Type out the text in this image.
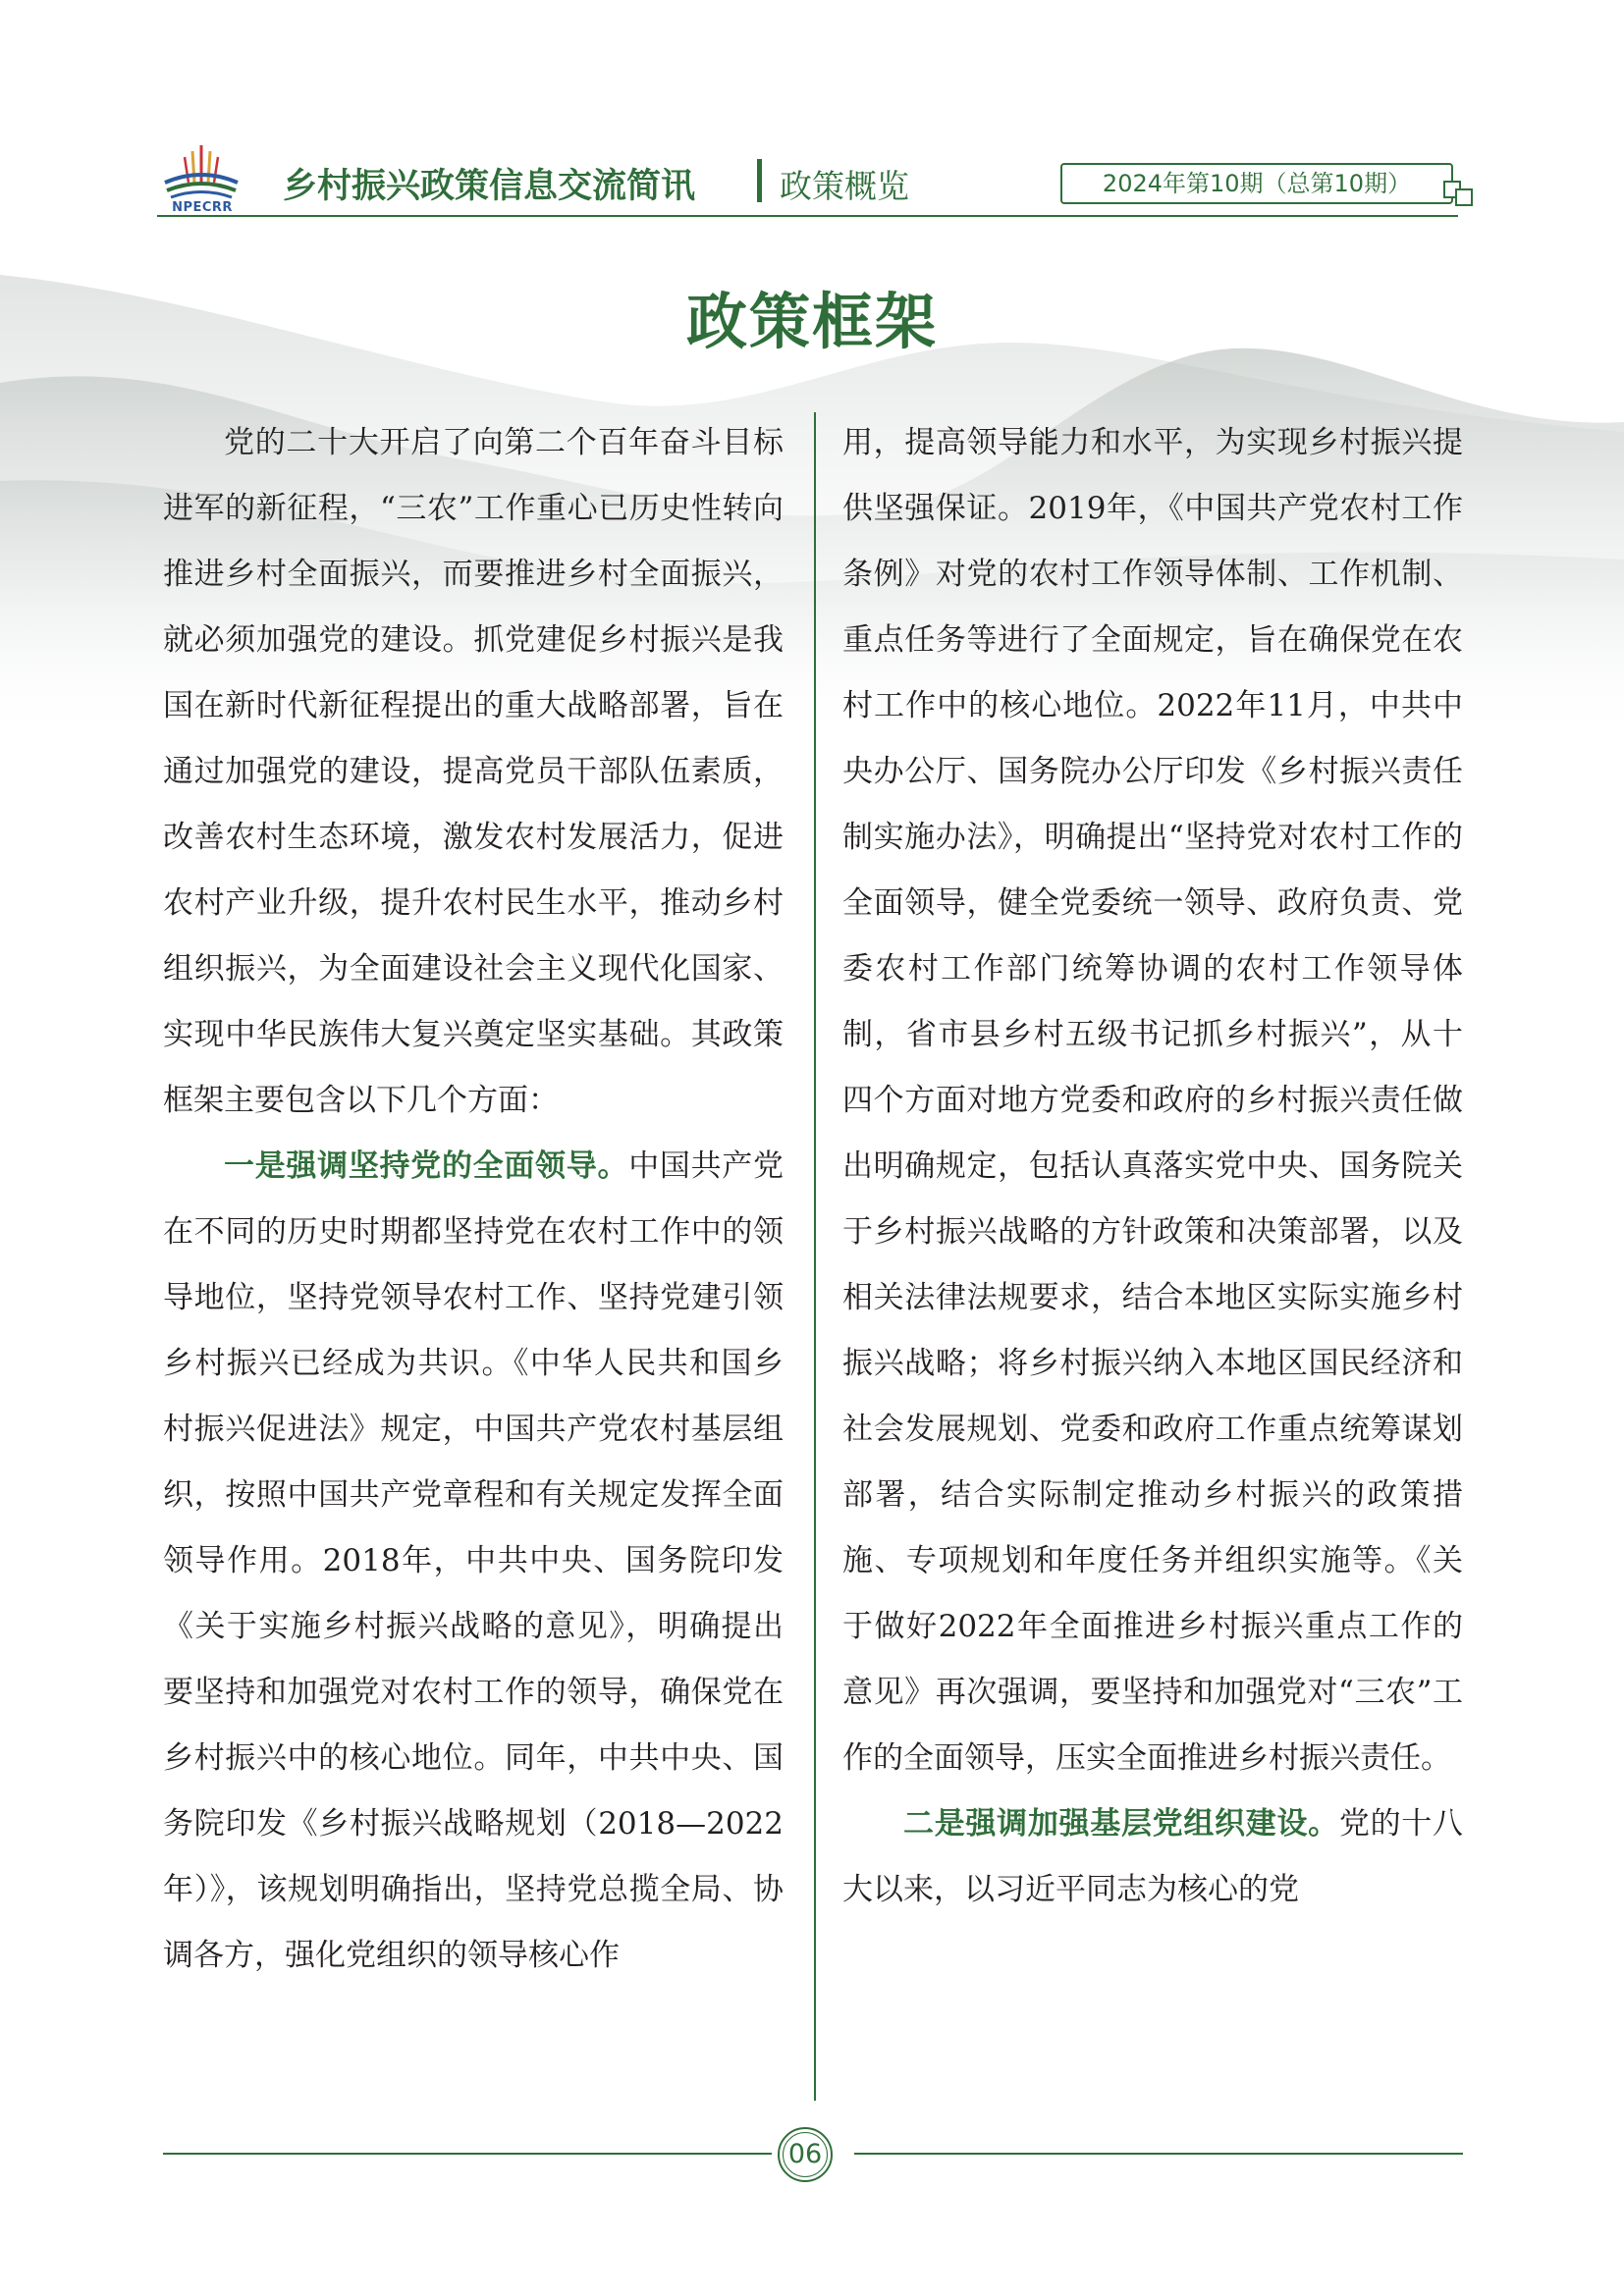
NPECRR
乡村振兴政策信息交流简讯	政策概览	2024年第10期（总第10期）
政策框架

党的二十大开启了向第二个百年奋斗目标进军的新征程，“三农”工作重心已历史性转向推进乡村全面振兴，而要推进乡村全面振兴，就必须加强党的建设。抓党建促乡村振兴是我国在新时代新征程提出的重大战略部署，旨在通过加强党的建设，提高党员干部队伍素质，改善农村生态环境，激发农村发展活力，促进农村产业升级，提升农村民生水平，推动乡村组织振兴，为全面建设社会主义现代化国家、实现中华民族伟大复兴奠定坚实基础。其政策框架主要包含以下几个方面：

一是强调坚持党的全面领导。中国共产党在不同的历史时期都坚持党在农村工作中的领导地位，坚持党领导农村工作、坚持党建引领乡村振兴已经成为共识。《中华人民共和国乡村振兴促进法》规定，中国共产党农村基层组织，按照中国共产党章程和有关规定发挥全面领导作用。2018年，中共中央、国务院印发《关于实施乡村振兴战略的意见》，明确提出要坚持和加强党对农村工作的领导，确保党在乡村振兴中的核心地位。同年，中共中央、国务院印发《乡村振兴战略规划（2018—2022年）》，该规划明确指出，坚持党总揽全局、协调各方，强化党组织的领导核心作

用，提高领导能力和水平，为实现乡村振兴提供坚强保证。2019年，《中国共产党农村工作条例》对党的农村工作领导体制、工作机制、重点任务等进行了全面规定，旨在确保党在农村工作中的核心地位。2022年11月，中共中央办公厅、国务院办公厅印发《乡村振兴责任制实施办法》，明确提出“坚持党对农村工作的全面领导，健全党委统一领导、政府负责、党委农村工作部门统筹协调的农村工作领导体制，省市县乡村五级书记抓乡村振兴”，从十四个方面对地方党委和政府的乡村振兴责任做出明确规定，包括认真落实党中央、国务院关于乡村振兴战略的方针政策和决策部署，以及相关法律法规要求，结合本地区实际实施乡村振兴战略；将乡村振兴纳入本地区国民经济和社会发展规划、党委和政府工作重点统筹谋划部署，结合实际制定推动乡村振兴的政策措施、专项规划和年度任务并组织实施等。《关于做好2022年全面推进乡村振兴重点工作的意见》再次强调，要坚持和加强党对“三农”工作的全面领导，压实全面推进乡村振兴责任。

二是强调加强基层党组织建设。党的十八大以来，以习近平同志为核心的党

06
